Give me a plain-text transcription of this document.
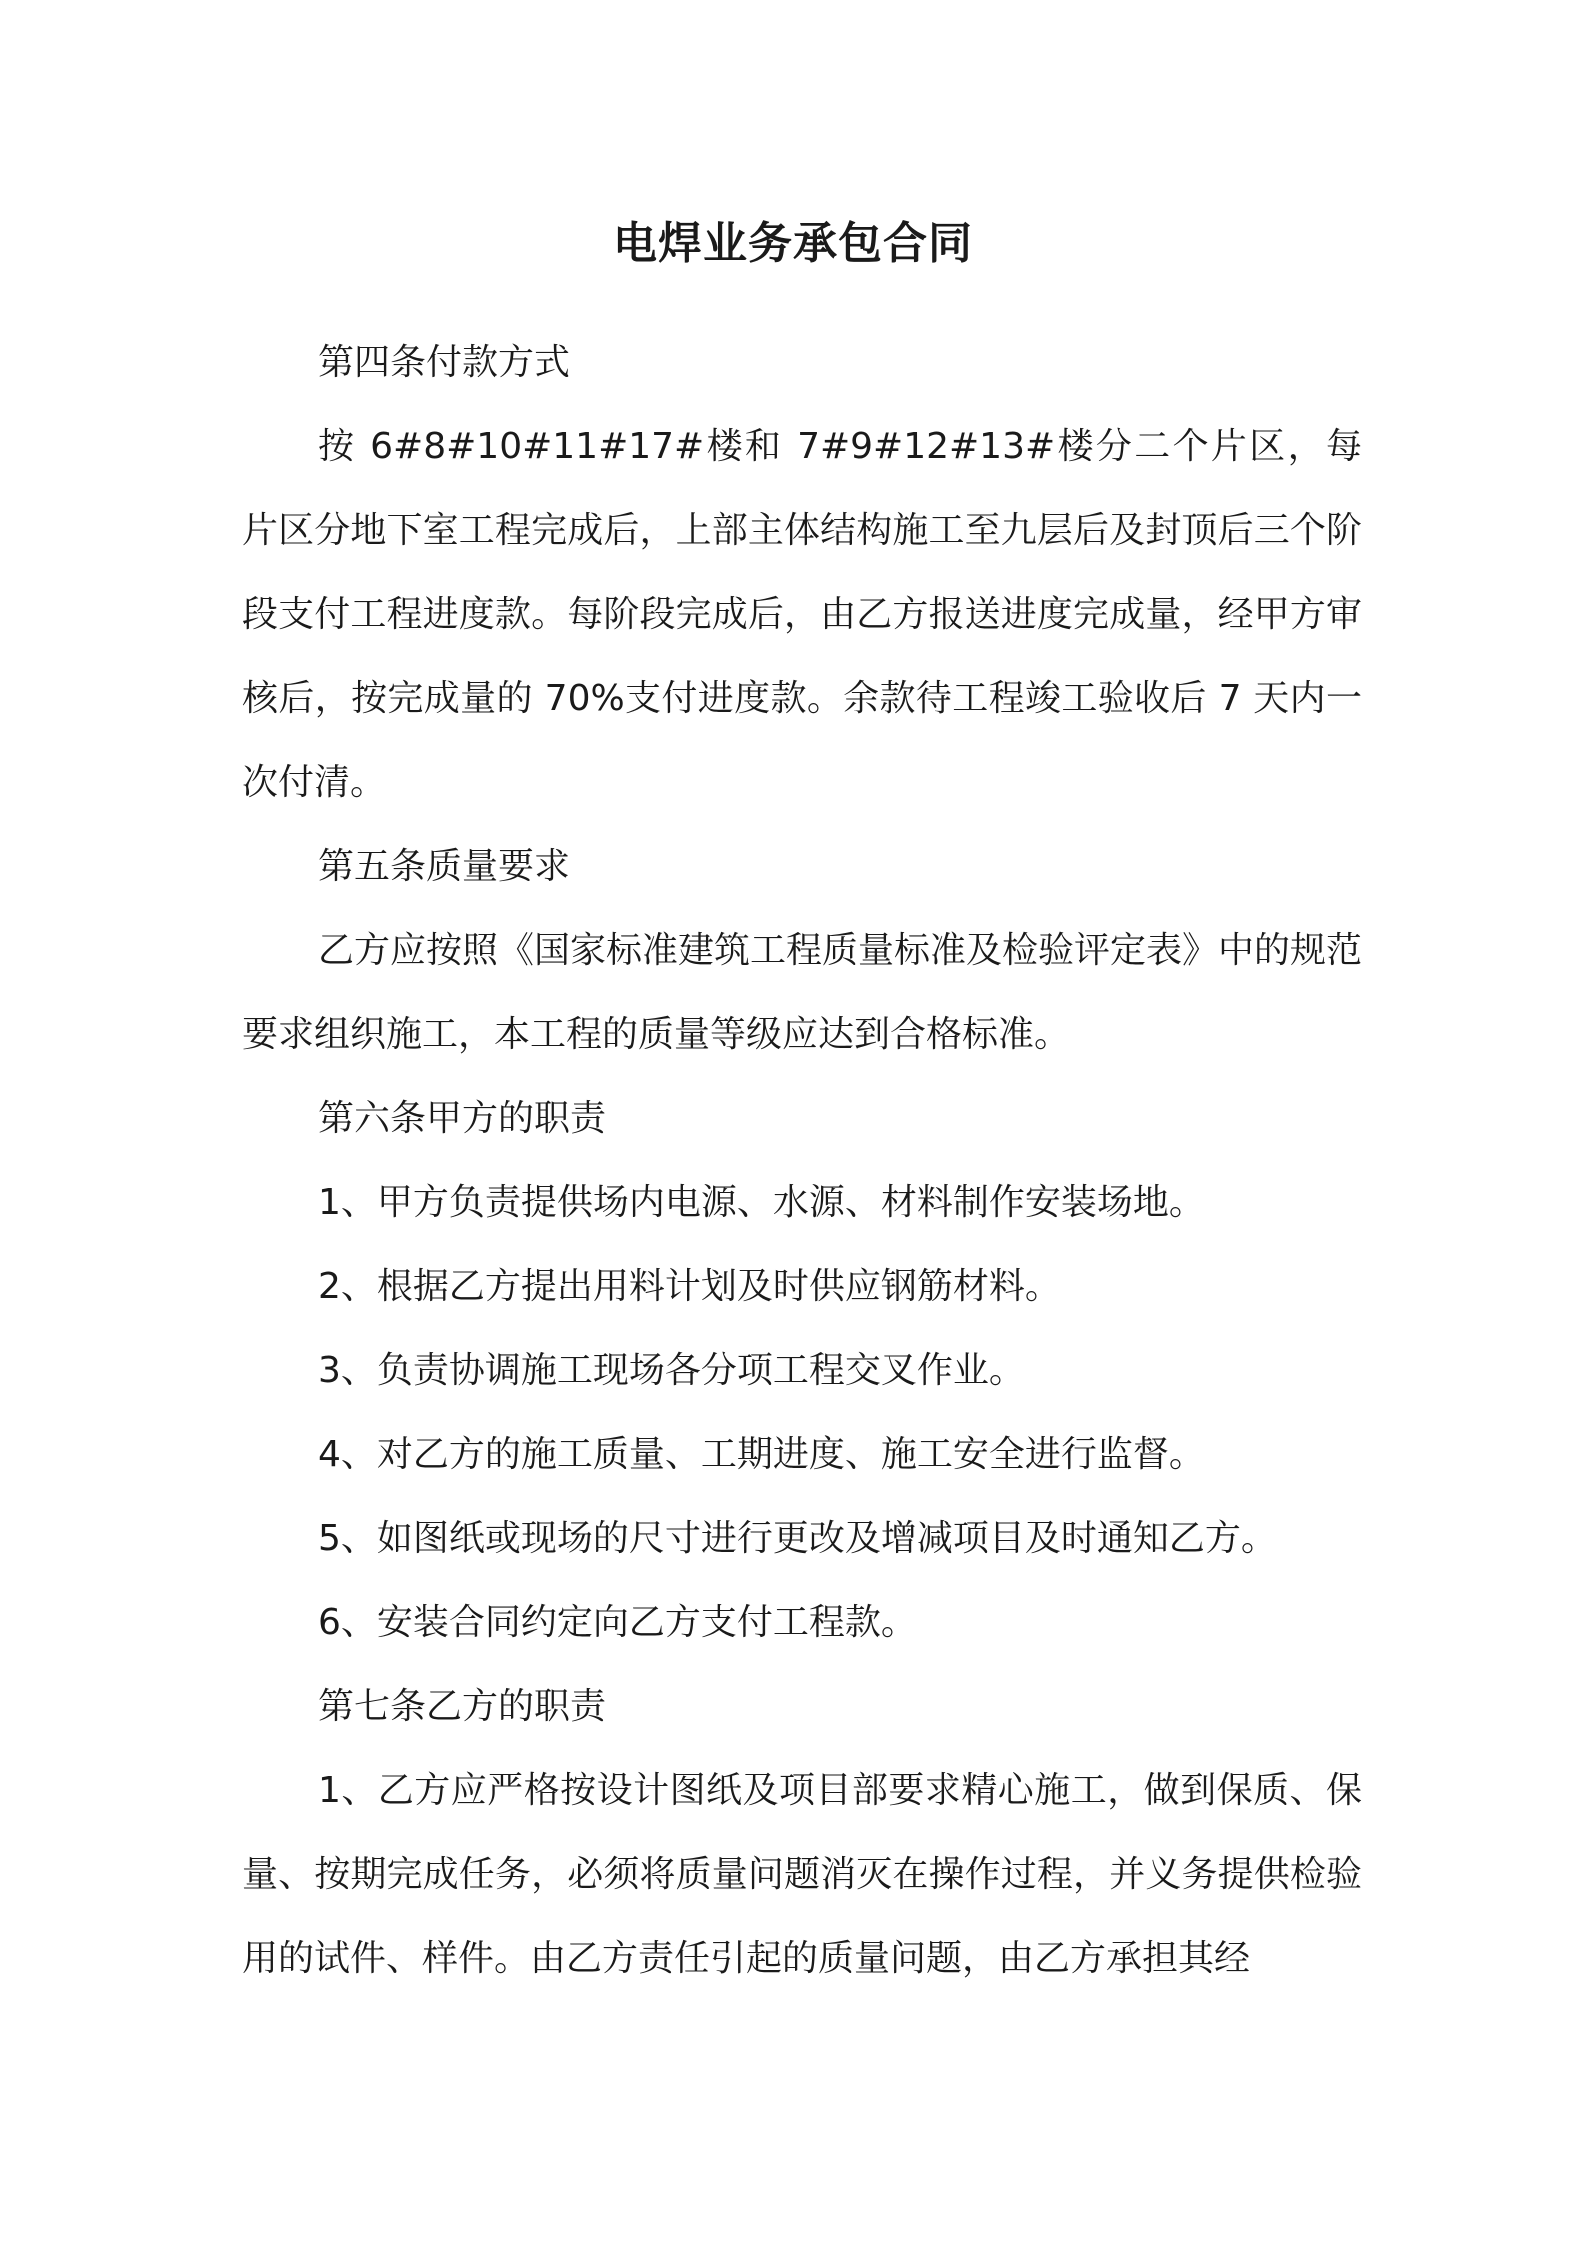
电焊业务承包合同

第四条付款方式

按 6#8#10#11#17#楼和 7#9#12#13#楼分二个片区，每片区分地下室工程完成后，上部主体结构施工至九层后及封顶后三个阶段支付工程进度款。每阶段完成后，由乙方报送进度完成量，经甲方审核后，按完成量的 70%支付进度款。余款待工程竣工验收后 7 天内一次付清。

第五条质量要求

乙方应按照《国家标准建筑工程质量标准及检验评定表》中的规范要求组织施工，本工程的质量等级应达到合格标准。

第六条甲方的职责

1、甲方负责提供场内电源、水源、材料制作安装场地。

2、根据乙方提出用料计划及时供应钢筋材料。

3、负责协调施工现场各分项工程交叉作业。

4、对乙方的施工质量、工期进度、施工安全进行监督。

5、如图纸或现场的尺寸进行更改及增减项目及时通知乙方。

6、安装合同约定向乙方支付工程款。

第七条乙方的职责

1、乙方应严格按设计图纸及项目部要求精心施工，做到保质、保量、按期完成任务，必须将质量问题消灭在操作过程，并义务提供检验用的试件、样件。由乙方责任引起的质量问题，由乙方承担其经
